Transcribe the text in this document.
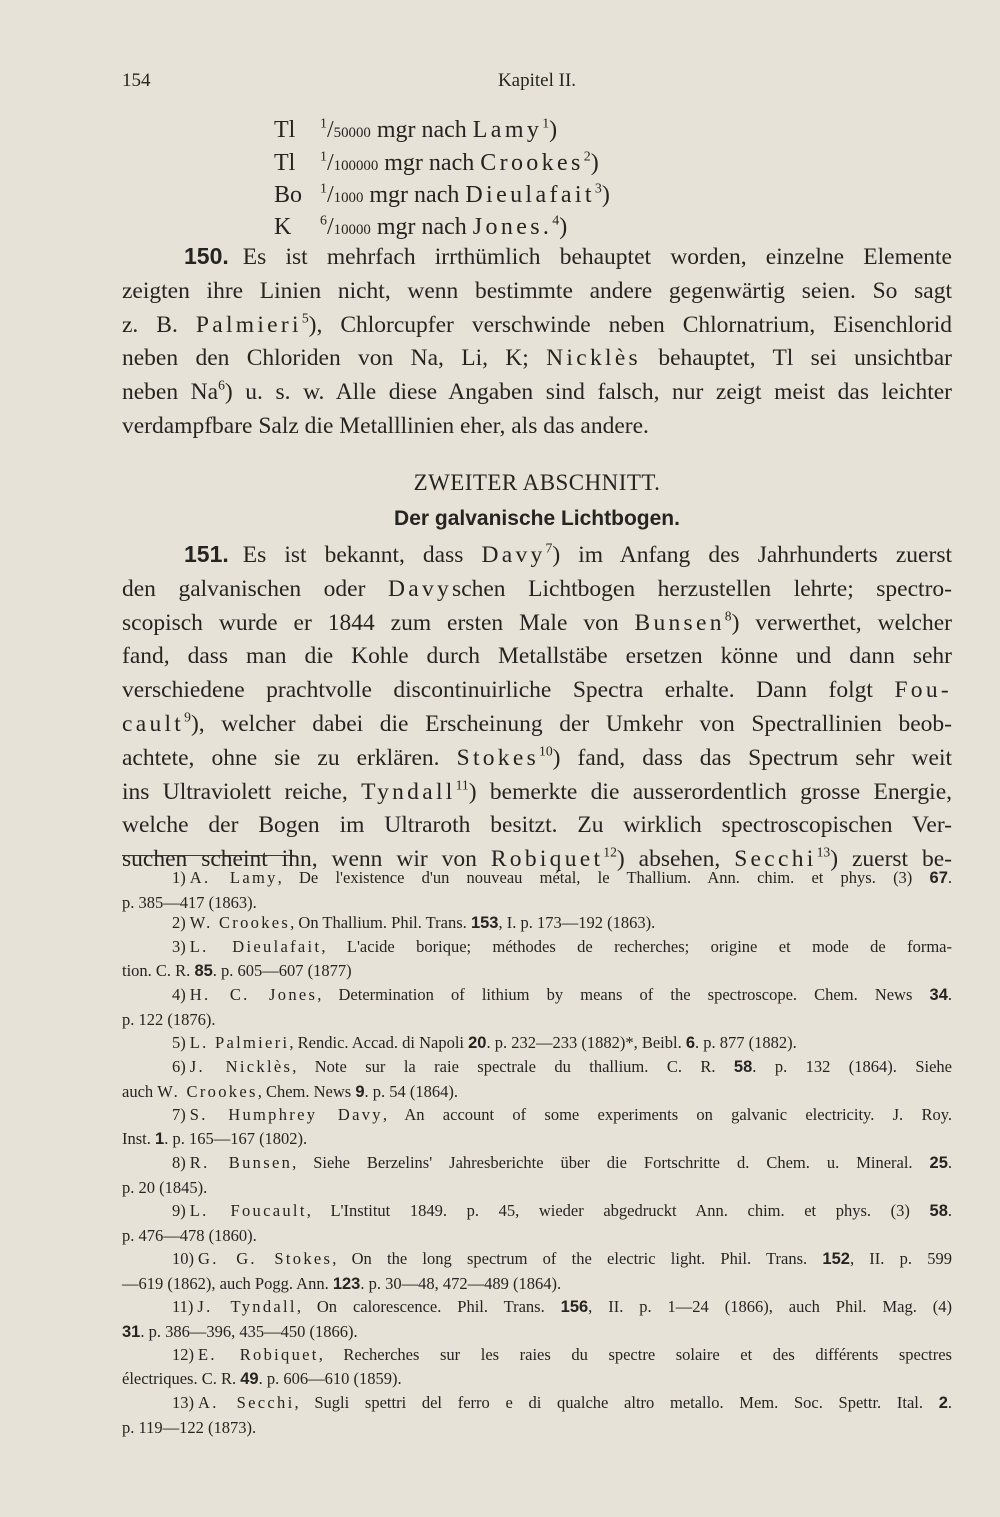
154	Kapitel II.
Tl $^1$/50000 mgr nach Lamy$^1$)
Tl $^1$/100000 mgr nach Crookes$^2$)
Bo $^1$/1000 mgr nach Dieulafait$^3$)
K $^6$/10000 mgr nach Jones.$^4$)
150. Es ist mehrfach irrthümlich behauptet worden, einzelne Elemente
zeigten ihre Linien nicht, wenn bestimmte andere gegenwärtig seien. So sagt
z. B. Palmieri$^5$), Chlorcupfer verschwinde neben Chlornatrium, Eisenchlorid
neben den Chloriden von Na, Li, K; Nicklès behauptet, Tl sei unsichtbar
neben Na$^6$) u. s. w. Alle diese Angaben sind falsch, nur zeigt meist das leichter
verdampfbare Salz die Metalllinien eher, als das andere.
ZWEITER ABSCHNITT.
Der galvanische Lichtbogen.
151. Es ist bekannt, dass Davy$^7$) im Anfang des Jahrhunderts zuerst
den galvanischen oder Davyschen Lichtbogen herzustellen lehrte; spectro-
scopisch wurde er 1844 zum ersten Male von Bunsen$^8$) verwerthet, welcher
fand, dass man die Kohle durch Metallstäbe ersetzen könne und dann sehr
verschiedene prachtvolle discontinuirliche Spectra erhalte. Dann folgt Fou-
cault$^9$), welcher dabei die Erscheinung der Umkehr von Spectrallinien beob-
achtete, ohne sie zu erklären. Stokes$^{10}$) fand, dass das Spectrum sehr weit
ins Ultraviolett reiche, Tyndall$^{11}$) bemerkte die ausserordentlich grosse Energie,
welche der Bogen im Ultraroth besitzt. Zu wirklich spectroscopischen Ver-
suchen scheint ihn, wenn wir von Robiquet$^{12}$) absehen, Secchi$^{13}$) zuerst be-
1) A. Lamy, De l'existence d'un nouveau métal, le Thallium. Ann. chim. et phys. (3) 67.
p. 385—417 (1863).
2) W. Crookes, On Thallium. Phil. Trans. 153, I. p. 173—192 (1863).
3) L. Dieulafait, L'acide borique; méthodes de recherches; origine et mode de forma-
tion. C. R. 85. p. 605—607 (1877)
4) H. C. Jones, Determination of lithium by means of the spectroscope. Chem. News 34.
p. 122 (1876).
5) L. Palmieri, Rendic. Accad. di Napoli 20. p. 232—233 (1882)*, Beibl. 6. p. 877 (1882).
6) J. Nicklès, Note sur la raie spectrale du thallium. C. R. 58. p. 132 (1864). Siehe
auch W. Crookes, Chem. News 9. p. 54 (1864).
7) S. Humphrey Davy, An account of some experiments on galvanic electricity. J. Roy.
Inst. 1. p. 165—167 (1802).
8) R. Bunsen, Siehe Berzelins' Jahresberichte über die Fortschritte d. Chem. u. Mineral. 25.
p. 20 (1845).
9) L. Foucault, L'Institut 1849. p. 45, wieder abgedruckt Ann. chim. et phys. (3) 58.
p. 476—478 (1860).
10) G. G. Stokes, On the long spectrum of the electric light. Phil. Trans. 152, II. p. 599
—619 (1862), auch Pogg. Ann. 123. p. 30—48, 472—489 (1864).
11) J. Tyndall, On calorescence. Phil. Trans. 156, II. p. 1—24 (1866), auch Phil. Mag. (4)
31. p. 386—396, 435—450 (1866).
12) E. Robiquet, Recherches sur les raies du spectre solaire et des différents spectres
électriques. C. R. 49. p. 606—610 (1859).
13) A. Secchi, Sugli spettri del ferro e di qualche altro metallo. Mem. Soc. Spettr. Ital. 2.
p. 119—122 (1873).
